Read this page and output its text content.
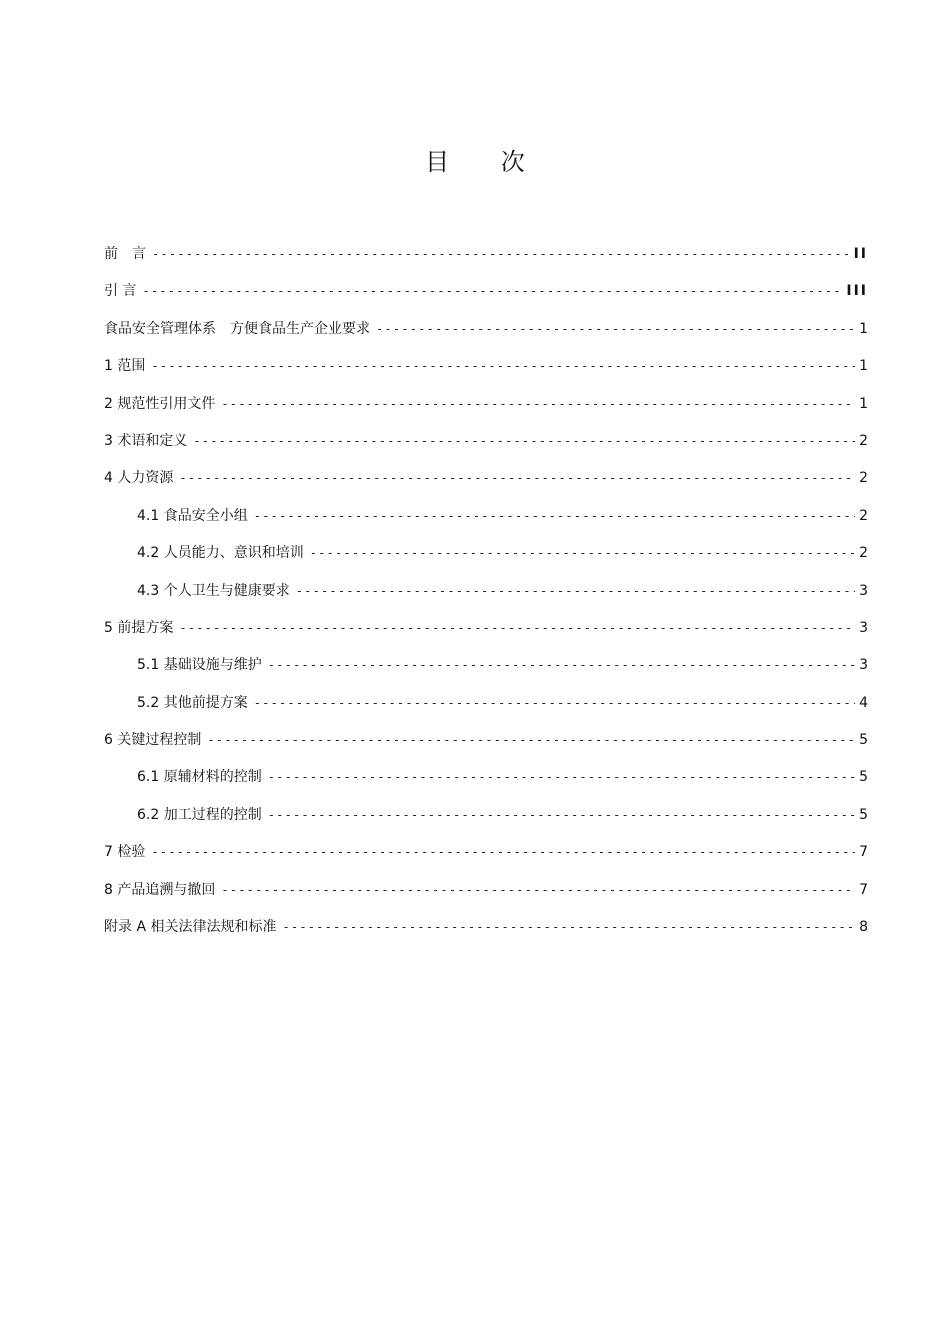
目 次
前　言 -----	II
引 言 -----	III
食品安全管理体系　方便食品生产企业要求 -----	1
1 范围 -----	1
2 规范性引用文件 -----	1
3 术语和定义 -----	2
4 人力资源 -----	2
4.1 食品安全小组 -----	2
4.2 人员能力、意识和培训 -----	2
4.3 个人卫生与健康要求 -----	3
5 前提方案 -----	3
5.1 基础设施与维护 -----	3
5.2 其他前提方案 -----	4
6 关键过程控制 -----	5
6.1 原辅材料的控制 -----	5
6.2 加工过程的控制 -----	5
7 检验 -----	7
8 产品追溯与撤回 -----	7
附录 A 相关法律法规和标准 -----	8
